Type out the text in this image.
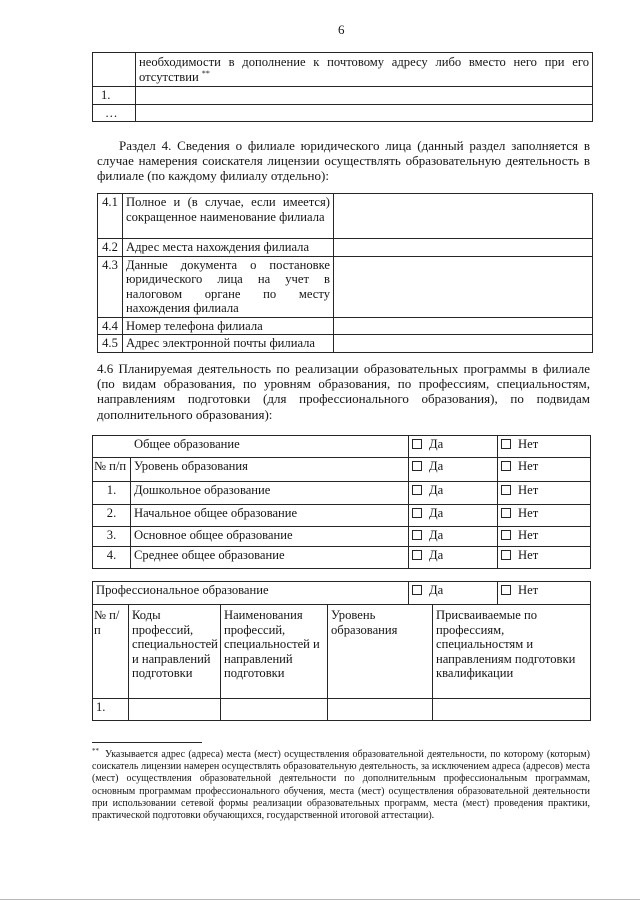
6
	необходимости в дополнение к почтовому адресу либо вместо него при его отсутствии **
1.	
…	
Раздел 4. Сведения о филиале юридического лица (данный раздел заполняется в случае намерения соискателя лицензии осуществлять образовательную деятельность в филиале (по каждому филиалу отдельно):
4.1	Полное и (в случае, если имеется) сокращенное наименование филиала	
4.2	Адрес места нахождения филиала	
4.3	Данные документа о постановке юридического лица на учет в налоговом органе по месту нахождения филиала	
4.4	Номер телефона филиала	
4.5	Адрес электронной почты филиала	
4.6 Планируемая деятельность по реализации образовательных программы в филиале (по видам образования, по уровням образования, по профессиям, специальностям, направлениям подготовки (для профессионального образования), по подвидам дополнительного образования):
Общее образование		Да	Нет
№ п/п	Уровень образования	Да	Нет
1.	Дошкольное образование	Да	Нет
2.	Начальное общее образование	Да	Нет
3.	Основное общее образование	Да	Нет
4.	Среднее общее образование	Да	Нет
Профессиональное образование	Да	Нет
№ п/п	Коды профессий, специальностей и направлений подготовки	Наименования профессий, специальностей и направлений подготовки	Уровень образования	Присваиваемые по профессиям, специальностям и направлениям подготовки квалификации
1.				
** Указывается адрес (адреса) места (мест) осуществления образовательной деятельности, по которому (которым) соискатель лицензии намерен осуществлять образовательную деятельность, за исключением адреса (адресов) места (мест) осуществления образовательной деятельности по дополнительным профессиональным программам, основным программам профессионального обучения, места (мест) осуществления образовательной деятельности при использовании сетевой формы реализации образовательных программ, места (мест) проведения практики, практической подготовки обучающихся, государственной итоговой аттестации).
